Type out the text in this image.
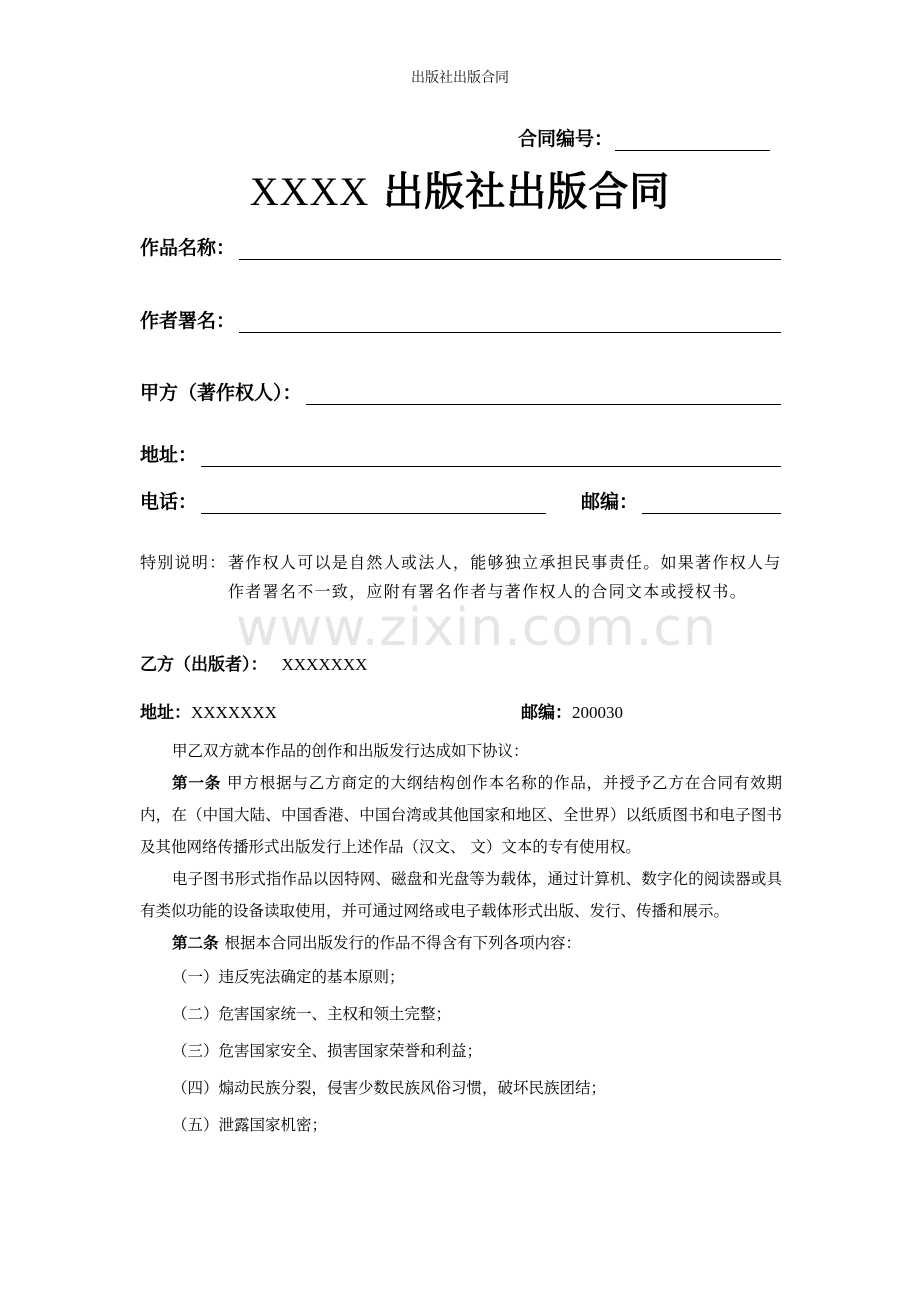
出版社出版合同
合同编号：
XXXX 出版社出版合同
作品名称：
作者署名：
甲方（著作权人）：
地址：
电话：	邮编：
特别说明： 著作权人可以是自然人或法人，能够独立承担民事责任。如果著作权人与作者署名不一致，应附有署名作者与著作权人的合同文本或授权书。
www.zixin.com.cn
乙方（出版者）： XXXXXXX
地址：XXXXXXX	邮编：200030

甲乙双方就本作品的创作和出版发行达成如下协议：

第一条 甲方根据与乙方商定的大纲结构创作本名称的作品，并授予乙方在合同有效期内，在（中国大陆、中国香港、中国台湾或其他国家和地区、全世界）以纸质图书和电子图书及其他网络传播形式出版发行上述作品（汉文、 文）文本的专有使用权。

电子图书形式指作品以因特网、磁盘和光盘等为载体，通过计算机、数字化的阅读器或具有类似功能的设备读取使用，并可通过网络或电子载体形式出版、发行、传播和展示。

第二条 根据本合同出版发行的作品不得含有下列各项内容：

（一）违反宪法确定的基本原则；

（二）危害国家统一、主权和领土完整；

（三）危害国家安全、损害国家荣誉和利益；

（四）煽动民族分裂，侵害少数民族风俗习惯，破坏民族团结；

（五）泄露国家机密；
